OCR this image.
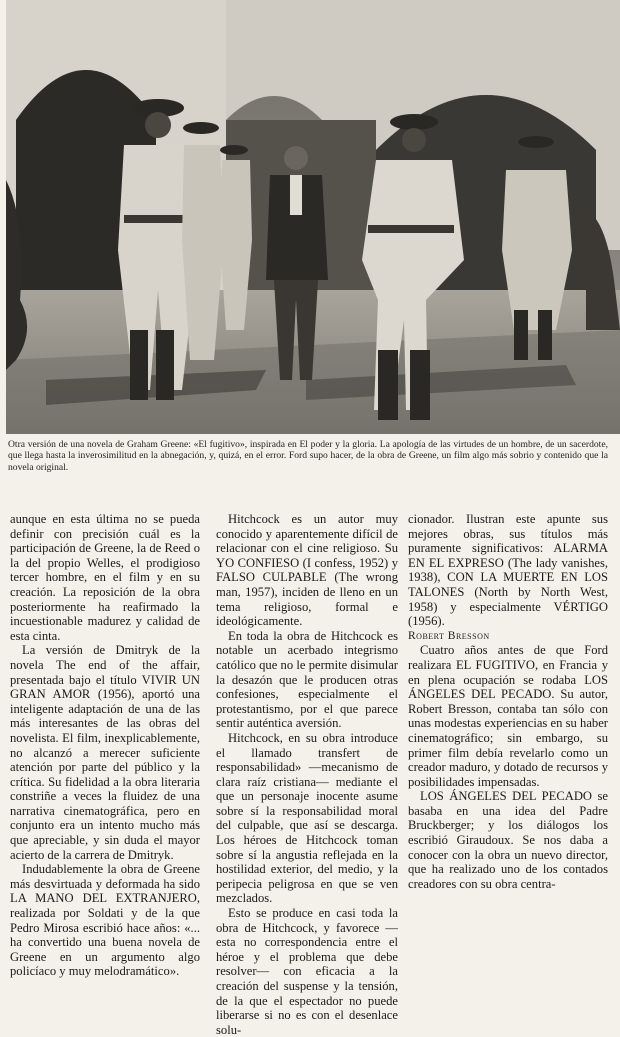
Otra versión de una novela de Graham Greene: «El fugitivo», inspirada en El poder y la gloria. La apología de las virtudes de un hombre, de un sacerdote, que llega hasta la inverosimilitud en la abnegación, y, quizá, en el error. Ford supo hacer, de la obra de Greene, un film algo más sobrio y contenido que la novela original.

aunque en esta última no se pueda definir con precisión cuál es la participación de Greene, la de Reed o la del propio Welles, el prodigioso tercer hombre, en el film y en su creación. La reposición de la obra posteriormente ha reafirmado la incuestionable madurez y calidad de esta cinta.

La versión de Dmitryk de la novela The end of the affair, presentada bajo el título VIVIR UN GRAN AMOR (1956), aportó una inteligente adaptación de una de las más interesantes de las obras del novelista. El film, inexplicablemente, no alcanzó a merecer suficiente atención por parte del público y la crítica. Su fidelidad a la obra literaria constriñe a veces la fluidez de una narrativa cinematográfica, pero en conjunto era un intento mucho más que apreciable, y sin duda el mayor acierto de la carrera de Dmitryk.

Indudablemente la obra de Greene más desvirtuada y deformada ha sido LA MANO DEL EXTRANJERO, realizada por Soldati y de la que Pedro Mirosa escribió hace años: «... ha convertido una buena novela de Greene en un argumento algo policíaco y muy melodramático».

Hitchcock es un autor muy conocido y aparentemente difícil de relacionar con el cine religioso. Su YO CONFIESO (I confess, 1952) y FALSO CULPABLE (The wrong man, 1957), inciden de lleno en un tema religioso, formal e ideológicamente.

En toda la obra de Hitchcock es notable un acerbado integrismo católico que no le permite disimular la desazón que le producen otras confesiones, especialmente el protestantismo, por el que parece sentir auténtica aversión.

Hitchcock, en su obra introduce el llamado transfert de responsabilidad» —mecanismo de clara raíz cristiana— mediante el que un personaje inocente asume sobre sí la responsabilidad moral del culpable, que así se descarga. Los héroes de Hitchcock toman sobre sí la angustia reflejada en la hostilidad exterior, del medio, y la peripecia peligrosa en que se ven mezclados.

Esto se produce en casi toda la obra de Hitchcock, y favorece —esta no correspondencia entre el héroe y el problema que debe resolver— con eficacia a la creación del suspense y la tensión, de la que el espectador no puede liberarse si no es con el desenlace solu-

cionador. Ilustran este apunte sus mejores obras, sus títulos más puramente significativos: ALARMA EN EL EXPRESO (The lady vanishes, 1938), CON LA MUERTE EN LOS TALONES (North by North West, 1958) y especialmente VÉRTIGO (1956).

Robert Bresson

Cuatro años antes de que Ford realizara EL FUGITIVO, en Francia y en plena ocupación se rodaba LOS ÁNGELES DEL PECADO. Su autor, Robert Bresson, contaba tan sólo con unas modestas experiencias en su haber cinematográfico; sin embargo, su primer film debía revelarlo como un creador maduro, y dotado de recursos y posibilidades impensadas.

LOS ÁNGELES DEL PECADO se basaba en una idea del Padre Bruckberger; y los diálogos los escribió Giraudoux. Se nos daba a conocer con la obra un nuevo director, que ha realizado uno de los contados creadores con su obra centra-
